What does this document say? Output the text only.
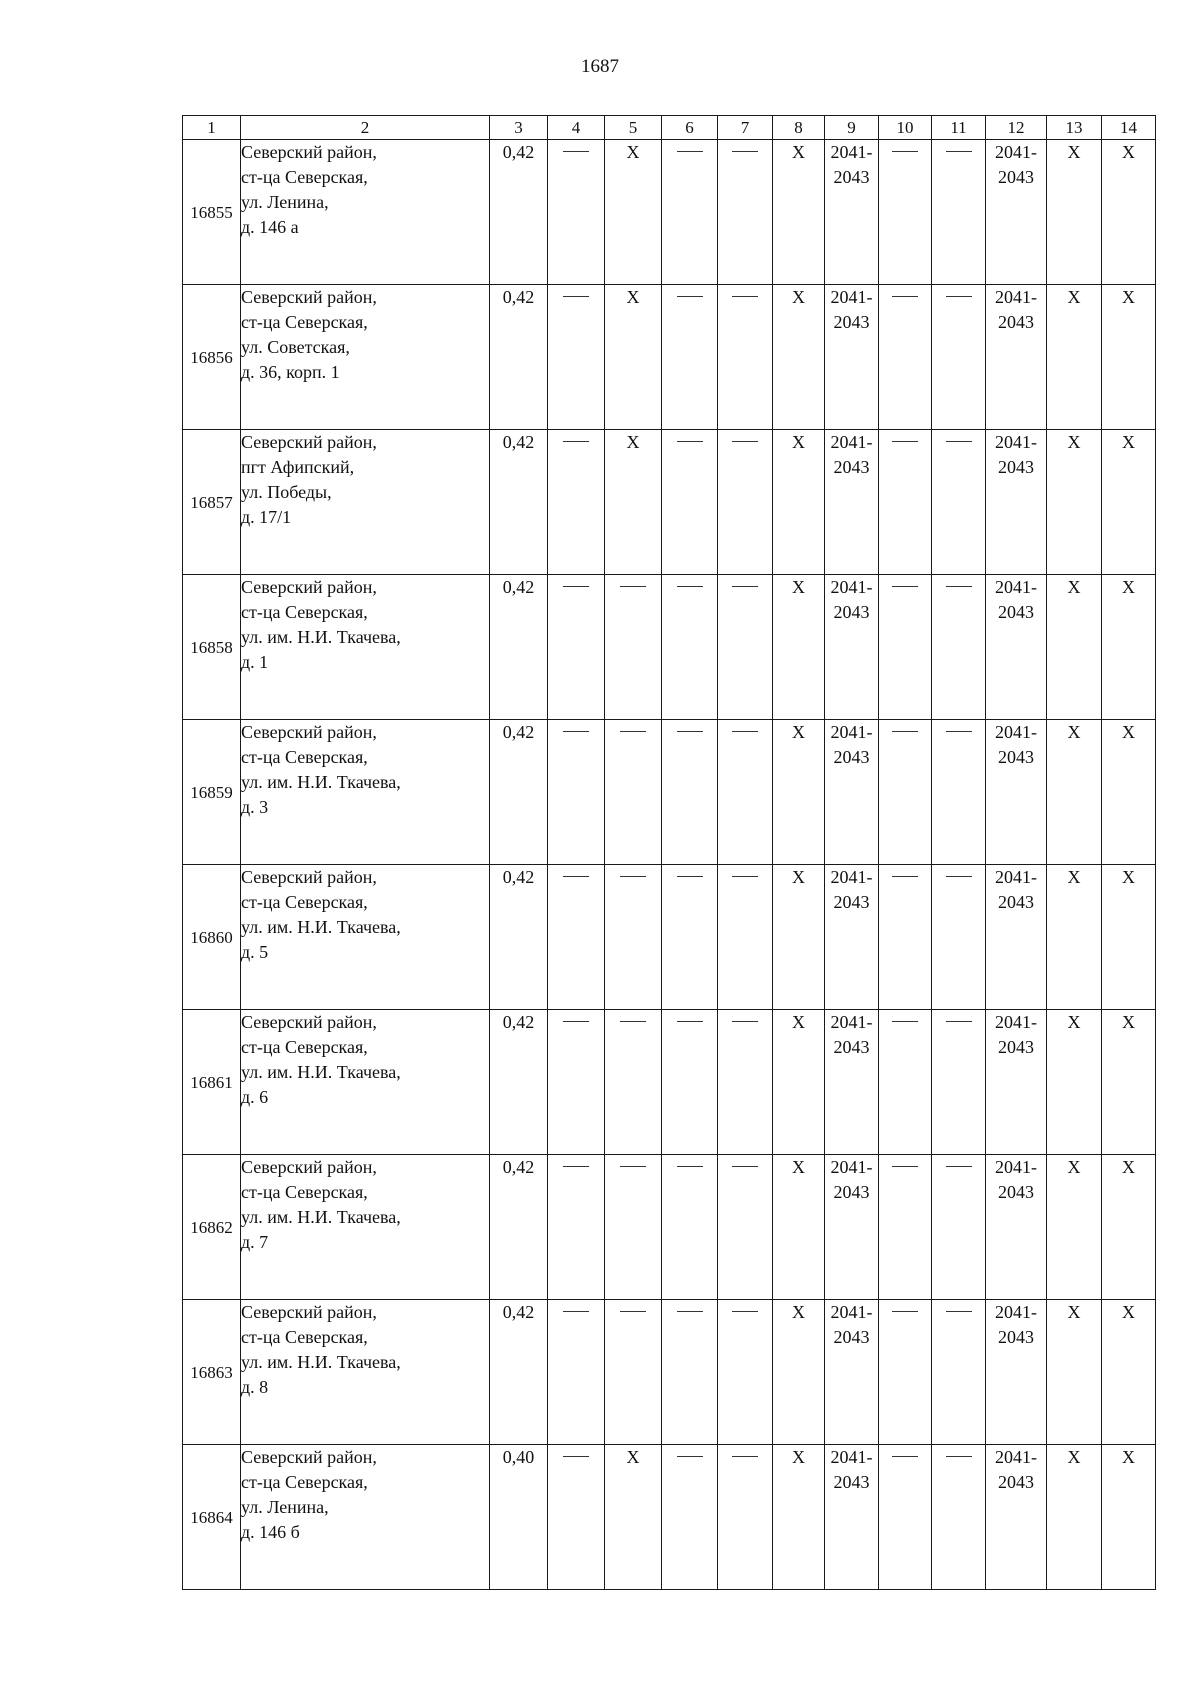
1687
1	2	3	4	5	6	7	8	9	10	11	12	13	14
16855	Северский район,
ст-ца Северская,
ул. Ленина,
д. 146 а	0,42		X			X	2041-
2043			2041-
2043	X	X
16856	Северский район,
ст-ца Северская,
ул. Советская,
д. 36, корп. 1	0,42		X			X	2041-
2043			2041-
2043	X	X
16857	Северский район,
пгт Афипский,
ул. Победы,
д. 17/1	0,42		X			X	2041-
2043			2041-
2043	X	X
16858	Северский район,
ст-ца Северская,
ул. им. Н.И. Ткачева,
д. 1	0,42					X	2041-
2043			2041-
2043	X	X
16859	Северский район,
ст-ца Северская,
ул. им. Н.И. Ткачева,
д. 3	0,42					X	2041-
2043			2041-
2043	X	X
16860	Северский район,
ст-ца Северская,
ул. им. Н.И. Ткачева,
д. 5	0,42					X	2041-
2043			2041-
2043	X	X
16861	Северский район,
ст-ца Северская,
ул. им. Н.И. Ткачева,
д. 6	0,42					X	2041-
2043			2041-
2043	X	X
16862	Северский район,
ст-ца Северская,
ул. им. Н.И. Ткачева,
д. 7	0,42					X	2041-
2043			2041-
2043	X	X
16863	Северский район,
ст-ца Северская,
ул. им. Н.И. Ткачева,
д. 8	0,42					X	2041-
2043			2041-
2043	X	X
16864	Северский район,
ст-ца Северская,
ул. Ленина,
д. 146 б	0,40		X			X	2041-
2043			2041-
2043	X	X
